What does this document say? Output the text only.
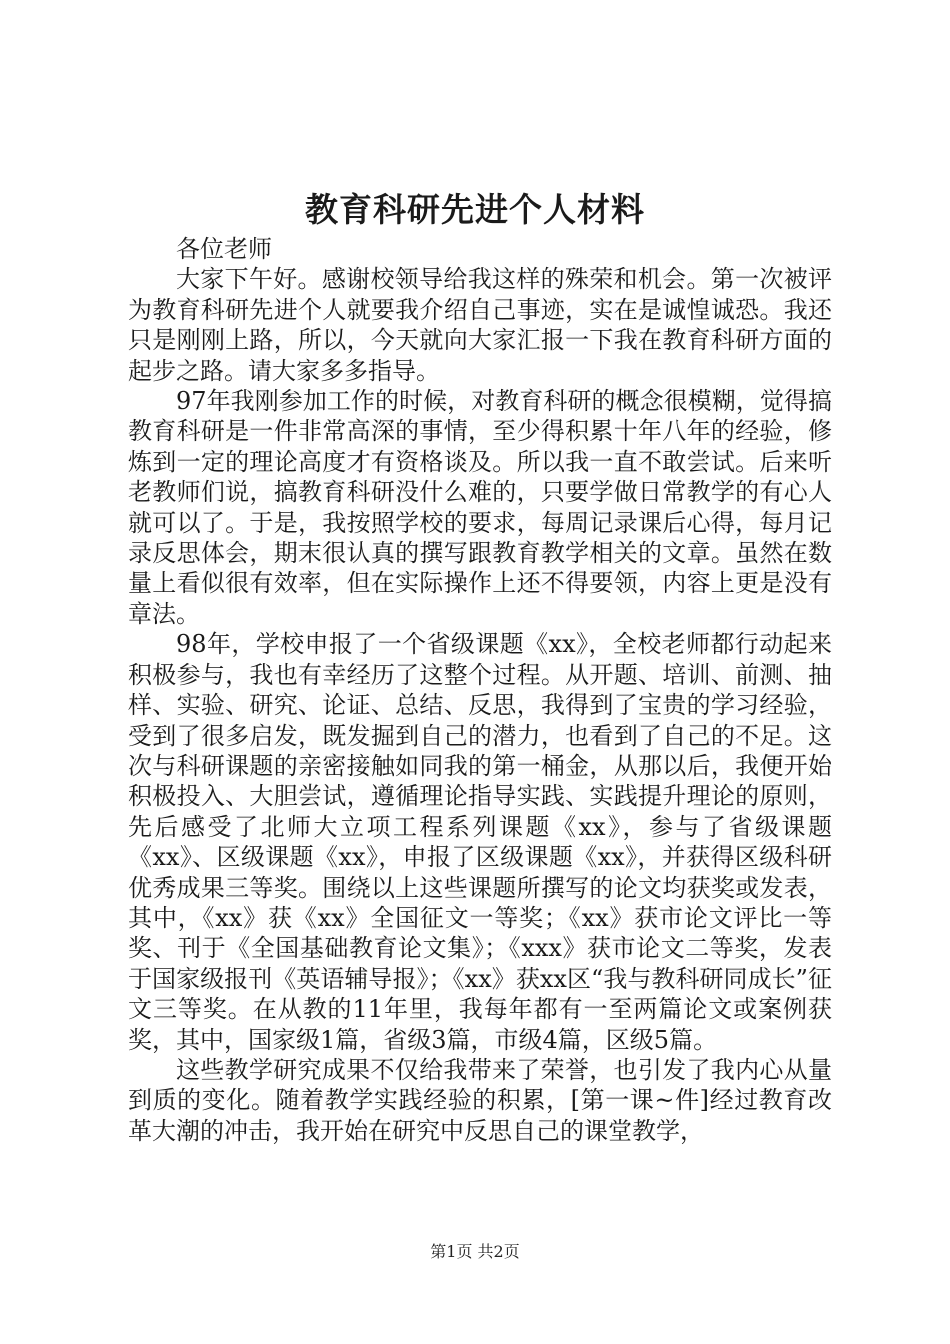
教育科研先进个人材料

各位老师

大家下午好。感谢校领导给我这样的殊荣和机会。第一次被评为教育科研先进个人就要我介绍自己事迹，实在是诚惶诚恐。我还只是刚刚上路，所以，今天就向大家汇报一下我在教育科研方面的起步之路。请大家多多指导。

97年我刚参加工作的时候，对教育科研的概念很模糊，觉得搞教育科研是一件非常高深的事情，至少得积累十年八年的经验，修炼到一定的理论高度才有资格谈及。所以我一直不敢尝试。后来听老教师们说，搞教育科研没什么难的，只要学做日常教学的有心人就可以了。于是，我按照学校的要求，每周记录课后心得，每月记录反思体会，期末很认真的撰写跟教育教学相关的文章。虽然在数量上看似很有效率，但在实际操作上还不得要领，内容上更是没有章法。

98年，学校申报了一个省级课题《xx》，全校老师都行动起来积极参与，我也有幸经历了这整个过程。从开题、培训、前测、抽样、实验、研究、论证、总结、反思，我得到了宝贵的学习经验，受到了很多启发，既发掘到自己的潜力，也看到了自己的不足。这次与科研课题的亲密接触如同我的第一桶金，从那以后，我便开始积极投入、大胆尝试，遵循理论指导实践、实践提升理论的原则，先后感受了北师大立项工程系列课题《xx》，参与了省级课题《xx》、区级课题《xx》，申报了区级课题《xx》，并获得区级科研优秀成果三等奖。围绕以上这些课题所撰写的论文均获奖或发表，其中，《xx》获《xx》全国征文一等奖；《xx》获市论文评比一等奖、刊于《全国基础教育论文集》；《xxx》获市论文二等奖，发表于国家级报刊《英语辅导报》；《xx》获xx区“我与教科研同成长”征文三等奖。在从教的11年里，我每年都有一至两篇论文或案例获奖，其中，国家级1篇，省级3篇，市级4篇，区级5篇。

这些教学研究成果不仅给我带来了荣誉，也引发了我内心从量到质的变化。随着教学实践经验的积累，[第一课~件]经过教育改革大潮的冲击，我开始在研究中反思自己的课堂教学，

第1页 共2页
